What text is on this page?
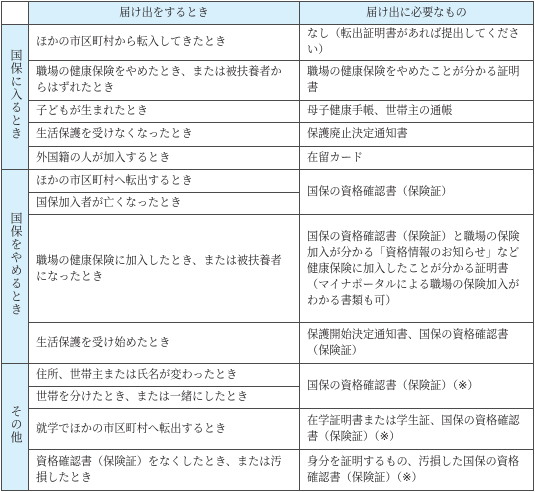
	届け出をするとき	届け出に必要なもの
国保に入るとき	ほかの市区町村から転入してきたとき	なし（転出証明書があれば提出してください）
	職場の健康保険をやめたとき、または被扶養者からはずれたとき	職場の健康保険をやめたことが分かる証明書
	子どもが生まれたとき	母子健康手帳、世帯主の通帳
	生活保護を受けなくなったとき	保護廃止決定通知書
	外国籍の人が加入するとき	在留カード
国保をやめるとき	ほかの市区町村へ転出するとき	国保の資格確認書（保険証）
	国保加入者が亡くなったとき	
	職場の健康保険に加入したとき、または被扶養者になったとき	国保の資格確認書（保険証）と職場の保険加入が分かる「資格情報のお知らせ」など健康保険に加入したことが分かる証明書
（マイナポータルによる職場の保険加入がわかる書類も可）
	生活保護を受け始めたとき	保護開始決定通知書、国保の資格確認書（保険証）
その他	住所、世帯主または氏名が変わったとき	国保の資格確認書（保険証）（※）
	世帯を分けたとき、または一緒にしたとき	
	就学でほかの市区町村へ転出するとき	在学証明書または学生証、国保の資格確認書（保険証）（※）
	資格確認書（保険証）をなくしたとき、または汚損したとき	身分を証明するもの、汚損した国保の資格確認書（保険証）（※）
